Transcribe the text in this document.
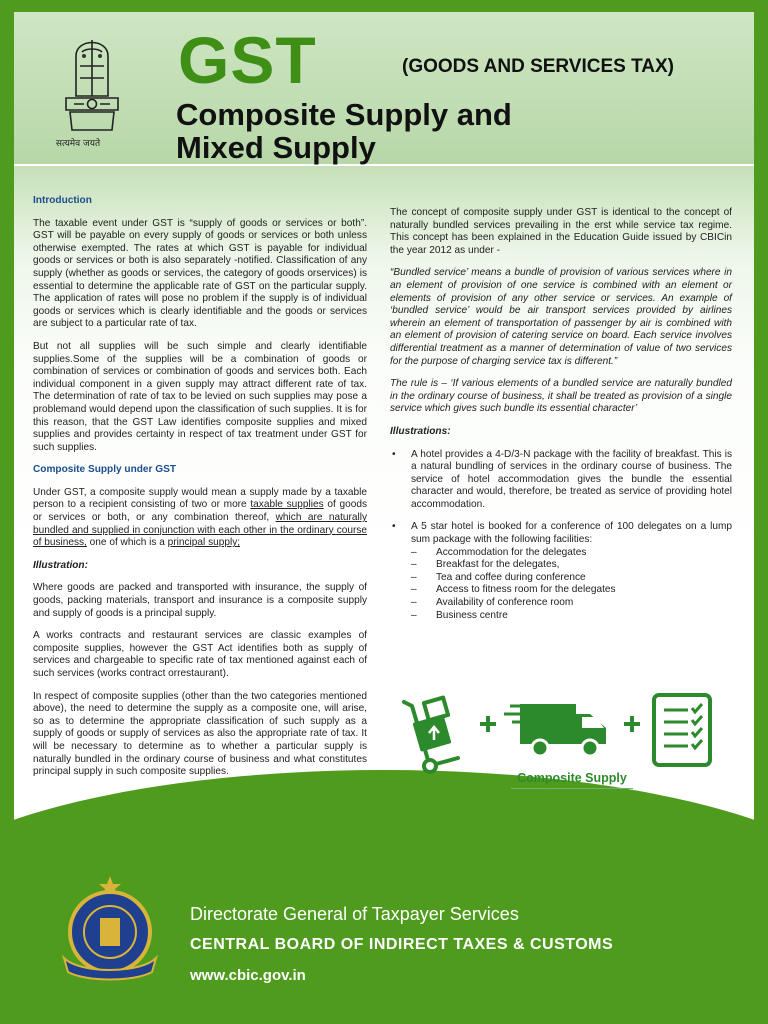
सत्यमेव जयते
GST	(GOODS AND SERVICES TAX)
Composite Supply and
Mixed Supply

Introduction

The taxable event under GST is “supply of goods or services or both”. GST will be payable on every supply of goods or services or both unless otherwise exempted. The rates at which GST is payable for individual goods or services or both is also separately -notified. Classification of any supply (whether as goods or services, the category of goods orservices) is essential to determine the applicable rate of GST on the particular supply. The application of rates will pose no problem if the supply is of individual goods or services which is clearly identifiable and the goods or services are subject to a particular rate of tax.

But not all supplies will be such simple and clearly identifiable supplies.Some of the supplies will be a combination of goods or combination of services or combination of goods and services both. Each individual component in a given supply may attract different rate of tax. The determination of rate of tax to be levied on such supplies may pose a problemand would depend upon the classification of such supplies. It is for this reason, that the GST Law identifies composite supplies and mixed supplies and provides certainty in respect of tax treatment under GST for such supplies.

Composite Supply under GST

Under GST, a composite supply would mean a supply made by a taxable person to a recipient consisting of two or more taxable supplies of goods or services or both, or any combination thereof, which are naturally bundled and supplied in conjunction with each other in the ordinary course of business, one of which is a principal supply;

Illustration:

Where goods are packed and transported with insurance, the supply of goods, packing materials, transport and insurance is a composite supply and supply of goods is a principal supply.

A works contracts and restaurant services are classic examples of composite supplies, however the GST Act identifies both as supply of services and chargeable to specific rate of tax mentioned against each of such services (works contract orrestaurant).

In respect of composite supplies (other than the two categories mentioned above), the need to determine the supply as a composite one, will arise, so as to determine the appropriate classification of such supply as a supply of goods or supply of services as also the appropriate rate of tax. It will be necessary to determine as to whether a particular supply is naturally bundled in the ordinary course of business and what constitutes principal supply in such composite supplies.

The concept of composite supply under GST is identical to the concept of naturally bundled services prevailing in the erst while service tax regime. This concept has been explained in the Education Guide issued by CBICin the year 2012 as under -

“Bundled service’ means a bundle of provision of various services where in an element of provision of one service is combined with an element or elements of provision of any other service or services. An example of ‘bundled service’ would be air transport services provided by airlines wherein an element of transportation of passenger by air is combined with an element of provision of catering service on board. Each service involves differential treatment as a manner of determination of value of two services for the purpose of charging service tax is different.”

The rule is – ‘If various elements of a bundled service are naturally bundled in the ordinary course of business, it shall be treated as provision of a single service which gives such bundle its essential character’

Illustrations:

• A hotel provides a 4-D/3-N package with the facility of breakfast. This is a natural bundling of services in the ordinary course of business. The service of hotel accommodation gives the bundle the essential character and would, therefore, be treated as service of providing hotel accommodation.
• A 5 star hotel is booked for a conference of 100 delegates on a lump sum package with the following facilities:
– Accommodation for the delegates
– Breakfast for the delegates,
– Tea and coffee during conference
– Access to fitness room for the delegates
– Availability of conference room
– Business centre
Composite Supply
Directorate General of Taxpayer Services
CENTRAL BOARD OF INDIRECT TAXES & CUSTOMS
www.cbic.gov.in
